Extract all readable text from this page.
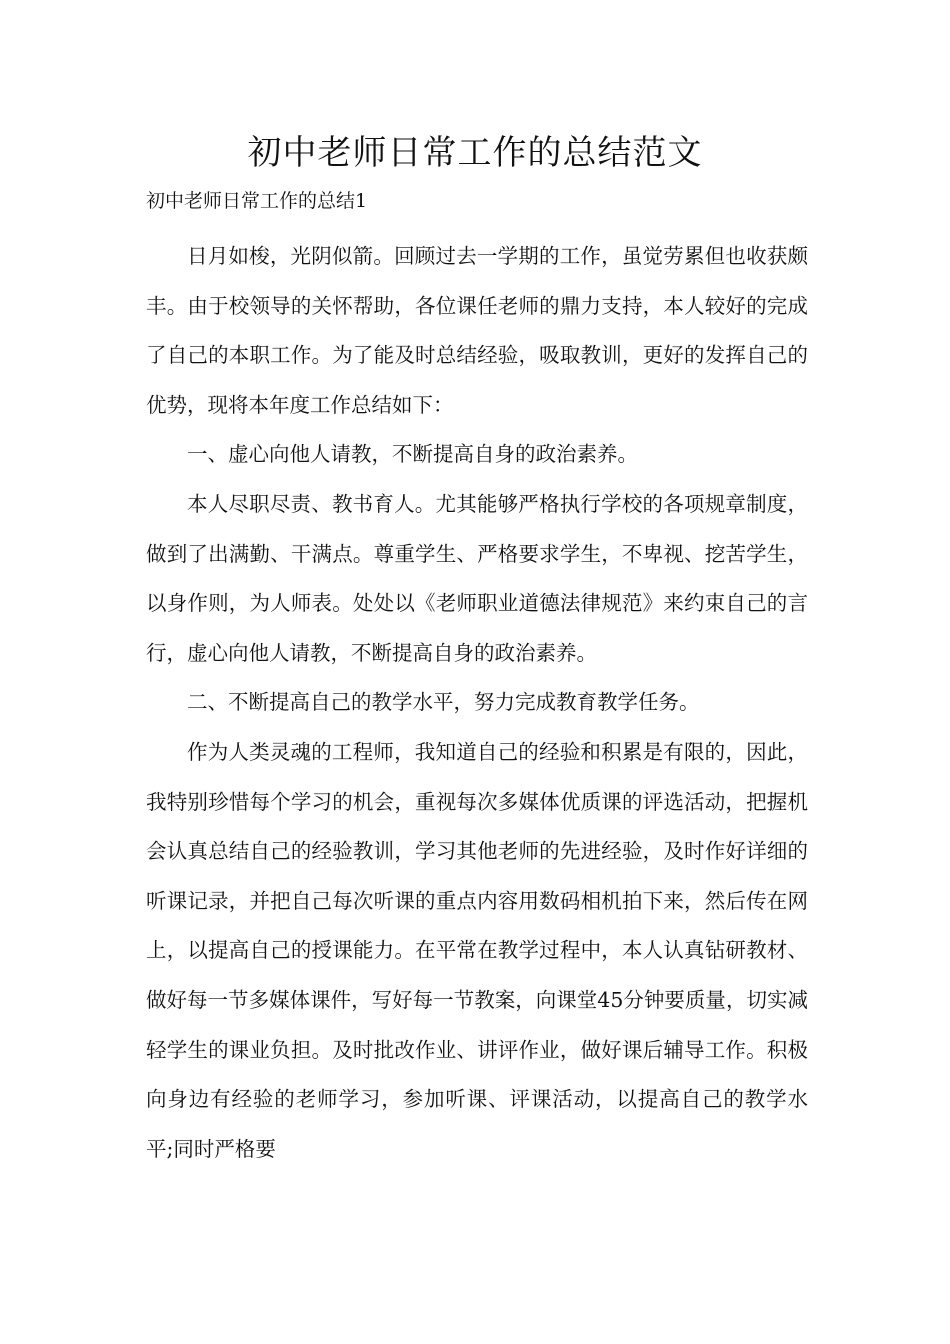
初中老师日常工作的总结范文

初中老师日常工作的总结1

日月如梭，光阴似箭。回顾过去一学期的工作，虽觉劳累但也收获颇丰。由于校领导的关怀帮助，各位课任老师的鼎力支持，本人较好的完成了自己的本职工作。为了能及时总结经验，吸取教训，更好的发挥自己的优势，现将本年度工作总结如下：

一、虚心向他人请教，不断提高自身的政治素养。

本人尽职尽责、教书育人。尤其能够严格执行学校的各项规章制度，做到了出满勤、干满点。尊重学生、严格要求学生，不卑视、挖苦学生，以身作则，为人师表。处处以《老师职业道德法律规范》来约束自己的言行，虚心向他人请教，不断提高自身的政治素养。

二、不断提高自己的教学水平，努力完成教育教学任务。

作为人类灵魂的工程师，我知道自己的经验和积累是有限的，因此，我特别珍惜每个学习的机会，重视每次多媒体优质课的评选活动，把握机会认真总结自己的经验教训，学习其他老师的先进经验，及时作好详细的听课记录，并把自己每次听课的重点内容用数码相机拍下来，然后传在网上，以提高自己的授课能力。在平常在教学过程中，本人认真钻研教材、做好每一节多媒体课件，写好每一节教案，向课堂45分钟要质量，切实减轻学生的课业负担。及时批改作业、讲评作业，做好课后辅导工作。积极向身边有经验的老师学习，参加听课、评课活动，以提高自己的教学水平;同时严格要
